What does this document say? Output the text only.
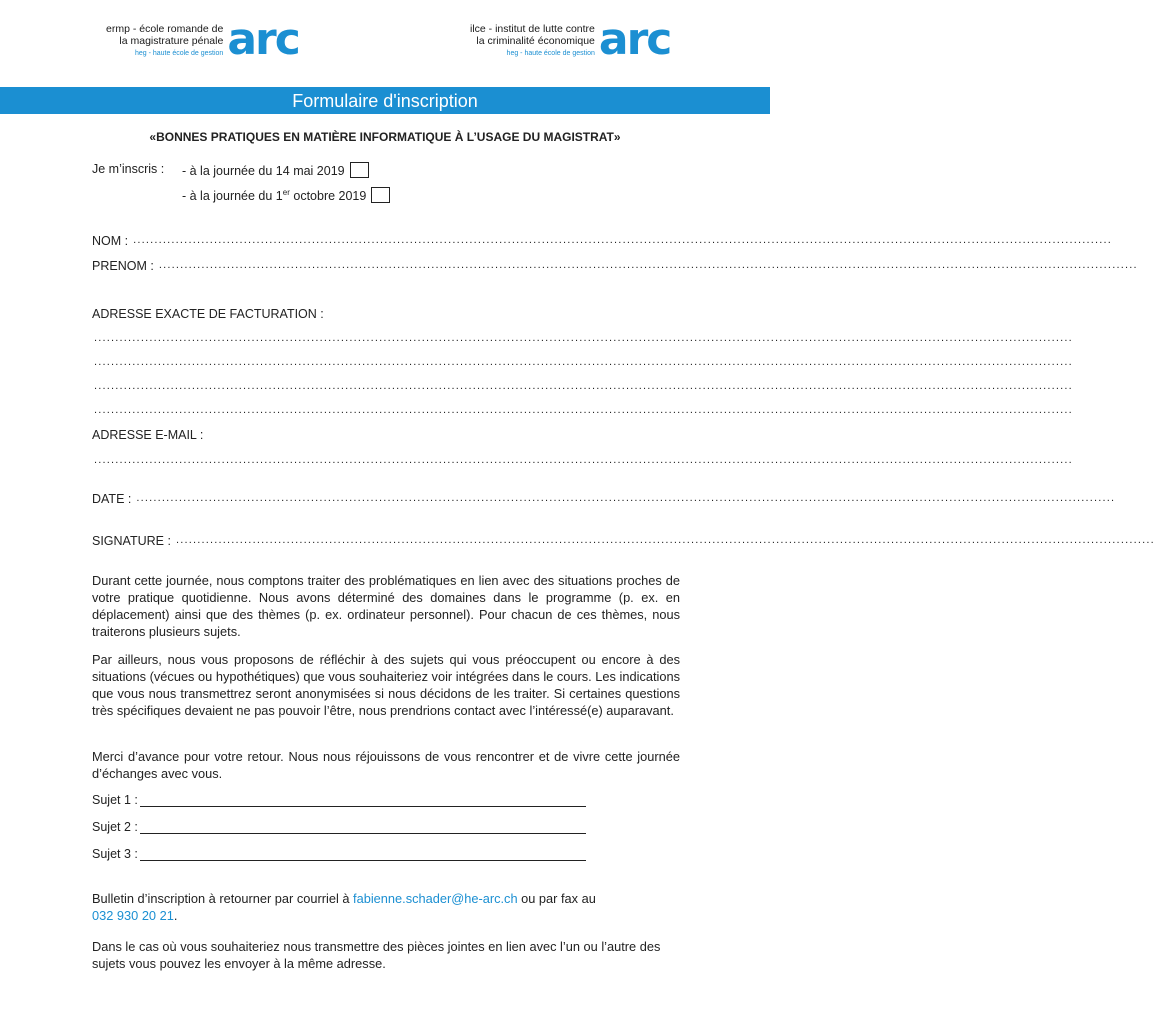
ermp - école romande de
la magistrature pénale
heg - haute école de gestion arc	ilce - institut de lutte contre
la criminalité économique
heg - haute école de gestion arc
Formulaire d'inscription
«BONNES PRATIQUES EN MATIÈRE INFORMATIQUE À L’USAGE DU MAGISTRAT»
Je m’inscris : - à la journée du 14 mai 2019
- à la journée du 1er octobre 2019
NOM : ......................................................................................................................................................................................................................................
PRENOM : ......................................................................................................................................................................................................................................
ADRESSE EXACTE DE FACTURATION :
......................................................................................................................................................................................................................................
......................................................................................................................................................................................................................................
......................................................................................................................................................................................................................................
......................................................................................................................................................................................................................................
ADRESSE E-MAIL :
......................................................................................................................................................................................................................................
DATE : ......................................................................................................................................................................................................................................
SIGNATURE : ......................................................................................................................................................................................................................................

Durant cette journée, nous comptons traiter des problématiques en lien avec des situations proches de votre pratique quotidienne. Nous avons déterminé des domaines dans le programme (p. ex. en déplacement) ainsi que des thèmes (p. ex. ordinateur personnel). Pour chacun de ces thèmes, nous traiterons plusieurs sujets.

Par ailleurs, nous vous proposons de réfléchir à des sujets qui vous préoccupent ou encore à des situations (vécues ou hypothétiques) que vous souhaiteriez voir intégrées dans le cours. Les indications que vous nous transmettrez seront anonymisées si nous décidons de les traiter. Si certaines questions très spécifiques devaient ne pas pouvoir l’être, nous prendrions contact avec l’intéressé(e) auparavant.

Merci d’avance pour votre retour. Nous nous réjouissons de vous rencontrer et de vivre cette journée d’échanges avec vous.

Sujet 1 :
Sujet 2 :
Sujet 3 :

Bulletin d’inscription à retourner par courriel à fabienne.schader@he-arc.ch ou par fax au
032 930 20 21.

Dans le cas où vous souhaiteriez nous transmettre des pièces jointes en lien avec l’un ou l’autre des sujets vous pouvez les envoyer à la même adresse.
